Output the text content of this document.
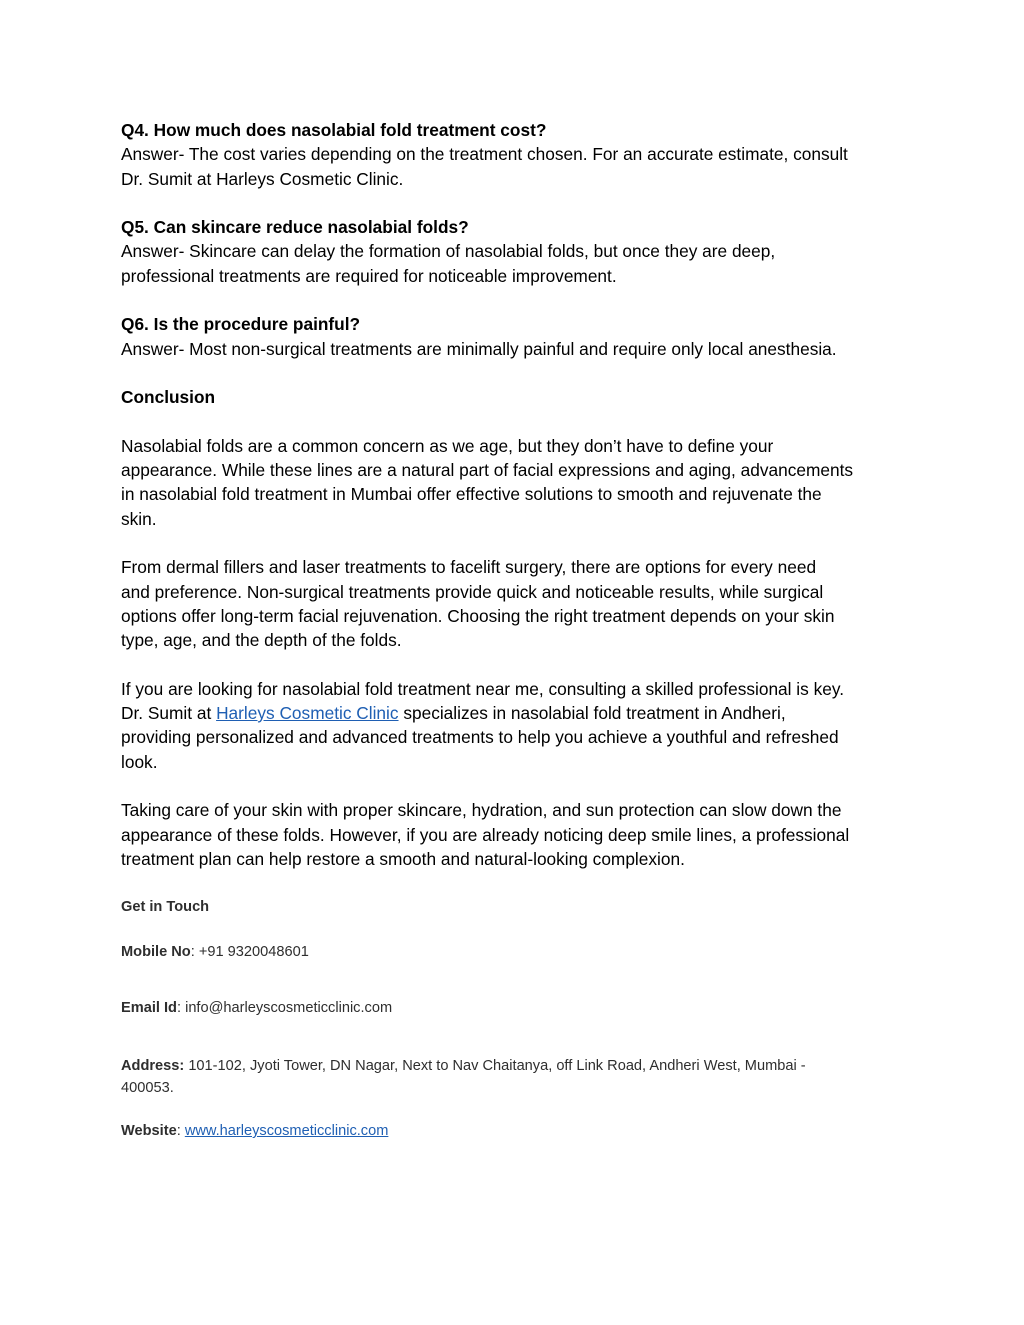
Q4. How much does nasolabial fold treatment cost?

Answer- The cost varies depending on the treatment chosen. For an accurate estimate, consult

Dr. Sumit at Harleys Cosmetic Clinic.

Q5. Can skincare reduce nasolabial folds?

Answer- Skincare can delay the formation of nasolabial folds, but once they are deep,

professional treatments are required for noticeable improvement.

Q6. Is the procedure painful?

Answer- Most non-surgical treatments are minimally painful and require only local anesthesia.

Conclusion

Nasolabial folds are a common concern as we age, but they don’t have to define your
appearance. While these lines are a natural part of facial expressions and aging, advancements
in nasolabial fold treatment in Mumbai offer effective solutions to smooth and rejuvenate the
skin.
From dermal fillers and laser treatments to facelift surgery, there are options for every need
and preference. Non-surgical treatments provide quick and noticeable results, while surgical
options offer long-term facial rejuvenation. Choosing the right treatment depends on your skin
type, age, and the depth of the folds.
If you are looking for nasolabial fold treatment near me, consulting a skilled professional is key.
Dr. Sumit at Harleys Cosmetic Clinic specializes in nasolabial fold treatment in Andheri,
providing personalized and advanced treatments to help you achieve a youthful and refreshed
look.
Taking care of your skin with proper skincare, hydration, and sun protection can slow down the
appearance of these folds. However, if you are already noticing deep smile lines, a professional
treatment plan can help restore a smooth and natural-looking complexion.
Get in Touch
Mobile No: +91 9320048601
Email Id: info@harleyscosmeticclinic.com
Address: 101-102, Jyoti Tower, DN Nagar, Next to Nav Chaitanya, off Link Road, Andheri West, Mumbai -
400053.
Website: www.harleyscosmeticclinic.com
